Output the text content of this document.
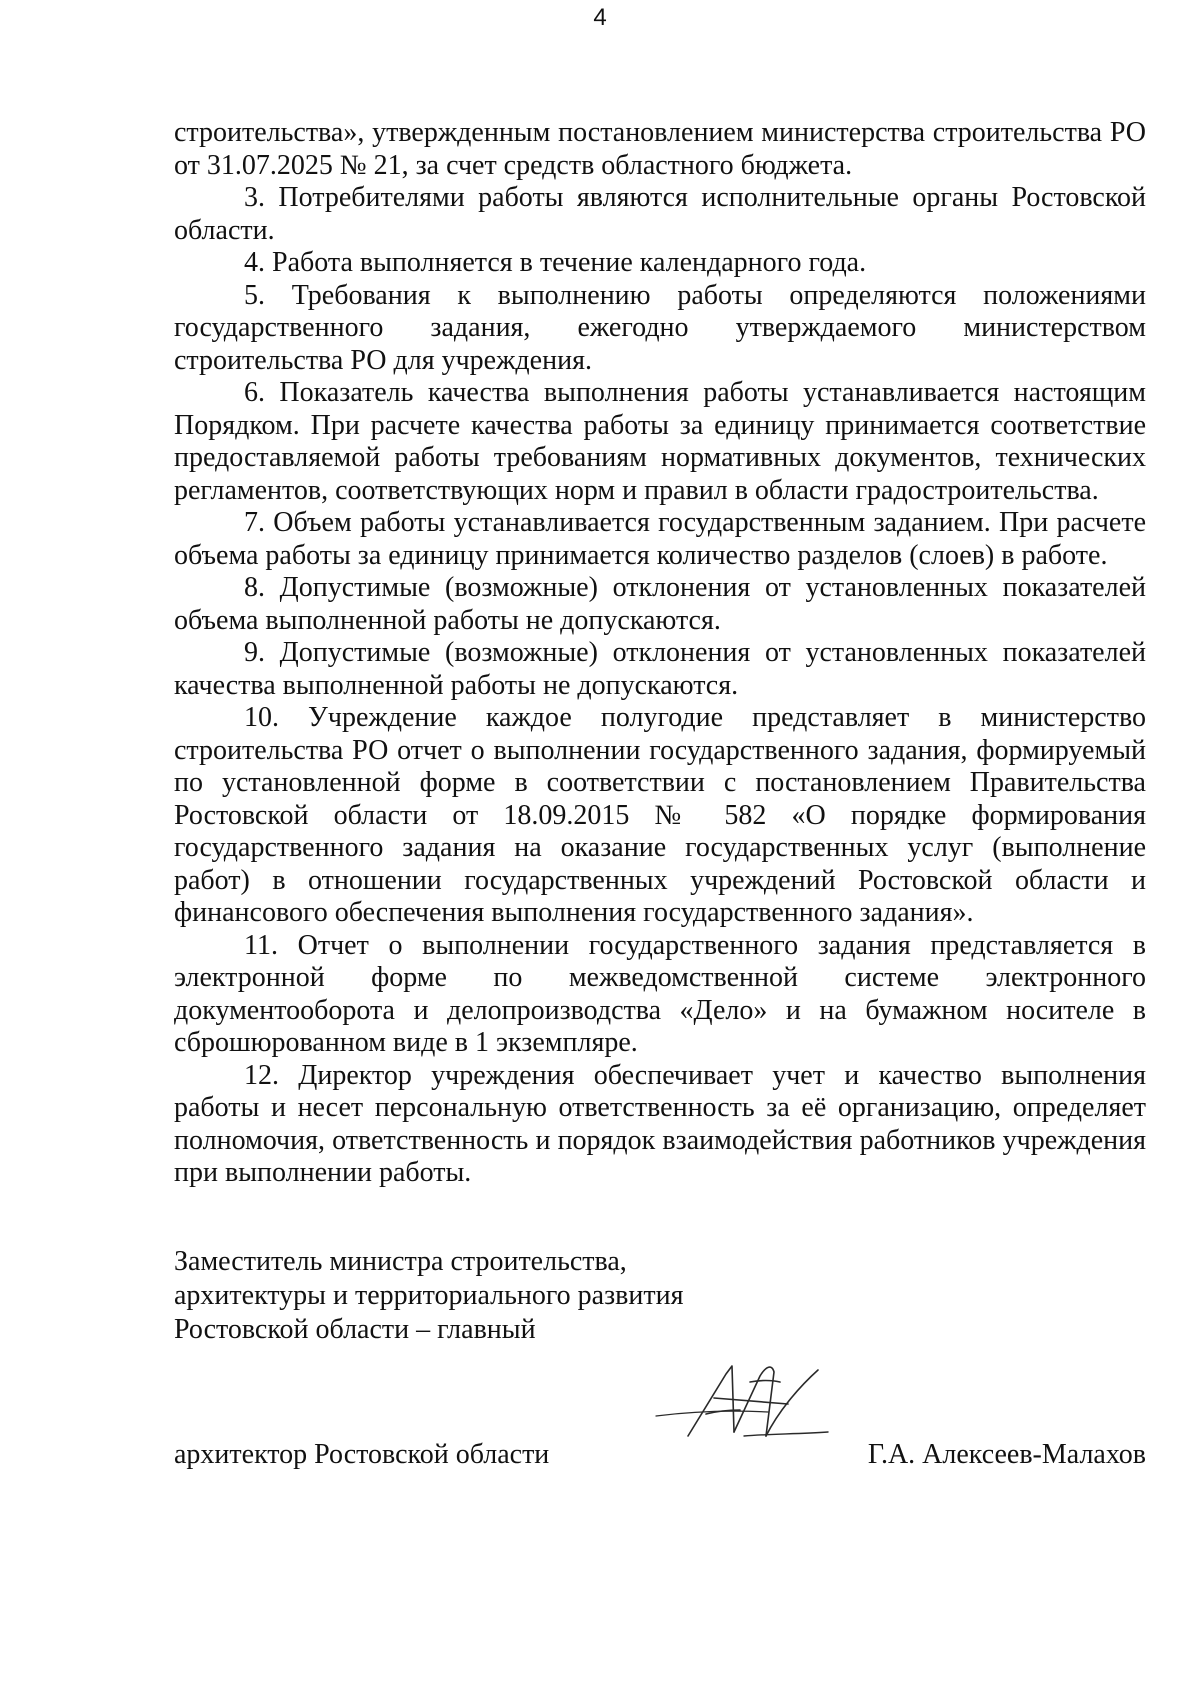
4

строительства», утвержденным постановлением министерства строительства РО от 31.07.2025 № 21, за счет средств областного бюджета.

3. Потребителями работы являются исполнительные органы Ростовской области.

4. Работа выполняется в течение календарного года.

5. Требования к выполнению работы определяются положениями государственного задания, ежегодно утверждаемого министерством строительства РО для учреждения.

6. Показатель качества выполнения работы устанавливается настоящим Порядком. При расчете качества работы за единицу принимается соответствие предоставляемой работы требованиям нормативных документов, технических регламентов, соответствующих норм и правил в области градостроительства.

7. Объем работы устанавливается государственным заданием. При расчете объема работы за единицу принимается количество разделов (слоев) в работе.

8. Допустимые (возможные) отклонения от установленных показателей объема выполненной работы не допускаются.

9. Допустимые (возможные) отклонения от установленных показателей качества выполненной работы не допускаются.

10. Учреждение каждое полугодие представляет в министерство строительства РО отчет о выполнении государственного задания, формируемый по установленной форме в соответствии с постановлением Правительства Ростовской области от 18.09.2015 № 582 «О порядке формирования государственного задания на оказание государственных услуг (выполнение работ) в отношении государственных учреждений Ростовской области и финансового обеспечения выполнения государственного задания».

11. Отчет о выполнении государственного задания представляется в электронной форме по межведомственной системе электронного документооборота и делопроизводства «Дело» и на бумажном носителе в сброшюрованном виде в 1 экземпляре.

12. Директор учреждения обеспечивает учет и качество выполнения работы и несет персональную ответственность за её организацию, определяет полномочия, ответственность и порядок взаимодействия работников учреждения при выполнении работы.

Заместитель министра строительства,
архитектуры и территориального развития
Ростовской области – главный
архитектор Ростовской области	Г.А. Алексеев-Малахов
